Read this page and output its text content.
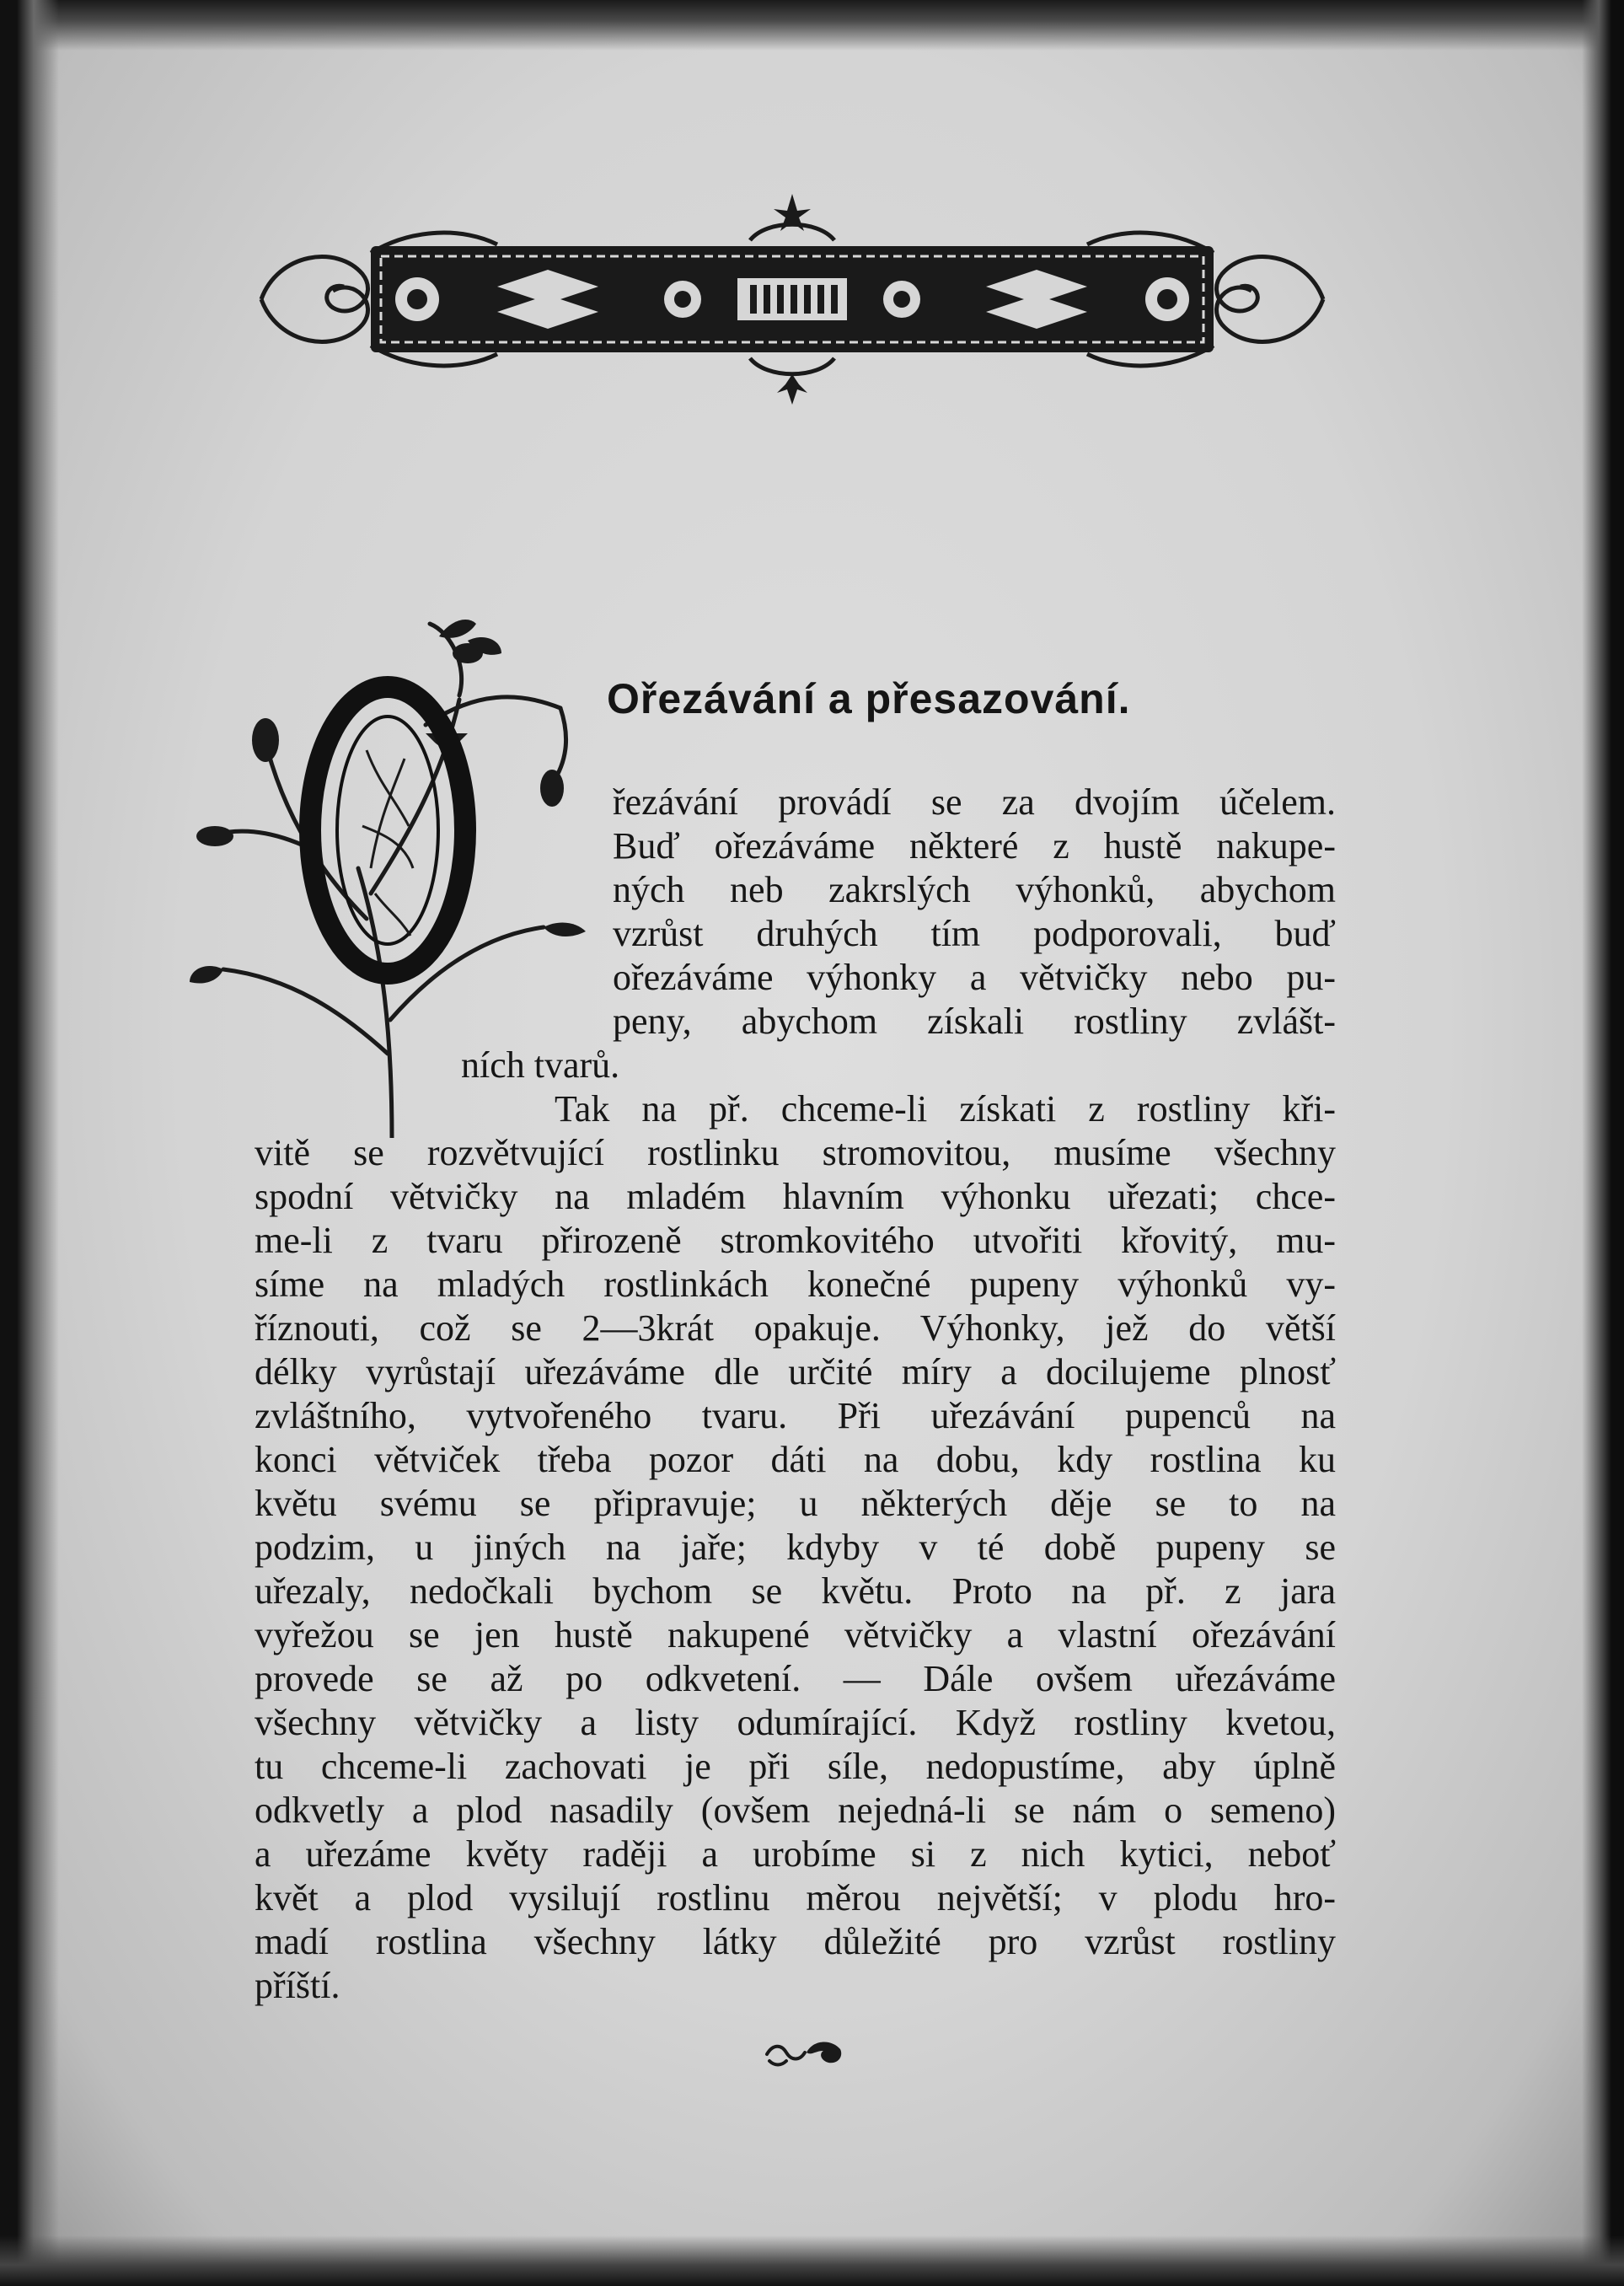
O
Ořezávání a přesazování.
řezávání provádí se za dvojím účelem.
Buď ořezáváme některé z hustě nakupe-
ných neb zakrslých výhonků, abychom
vzrůst druhých tím podporovali, buď
ořezáváme výhonky a větvičky nebo pu-
peny, abychom získali rostliny zvlášt-
ních tvarů.
Tak na př. chceme-li získati z rostliny kři-
vitě se rozvětvující rostlinku stromovitou, musíme všechny
spodní větvičky na mladém hlavním výhonku uřezati; chce-
me-li z tvaru přirozeně stromkovitého utvořiti křovitý, mu-
síme na mladých rostlinkách konečné pupeny výhonků vy-
říznouti, což se 2—3krát opakuje. Výhonky, jež do větší
délky vyrůstají uřezáváme dle určité míry a docilujeme plnosť
zvláštního, vytvořeného tvaru. Při uřezávání pupenců na
konci větviček třeba pozor dáti na dobu, kdy rostlina ku
květu svému se připravuje; u některých děje se to na
podzim, u jiných na jaře; kdyby v té době pupeny se
uřezaly, nedočkali bychom se květu. Proto na př. z jara
vyřežou se jen hustě nakupené větvičky a vlastní ořezávání
provede se až po odkvetení. — Dále ovšem uřezáváme
všechny větvičky a listy odumírající. Když rostliny kvetou,
tu chceme-li zachovati je při síle, nedopustíme, aby úplně
odkvetly a plod nasadily (ovšem nejedná-li se nám o semeno)
a uřezáme květy raději a urobíme si z nich kytici, neboť
květ a plod vysilují rostlinu měrou největší; v plodu hro-
madí rostlina všechny látky důležité pro vzrůst rostliny
příští.
